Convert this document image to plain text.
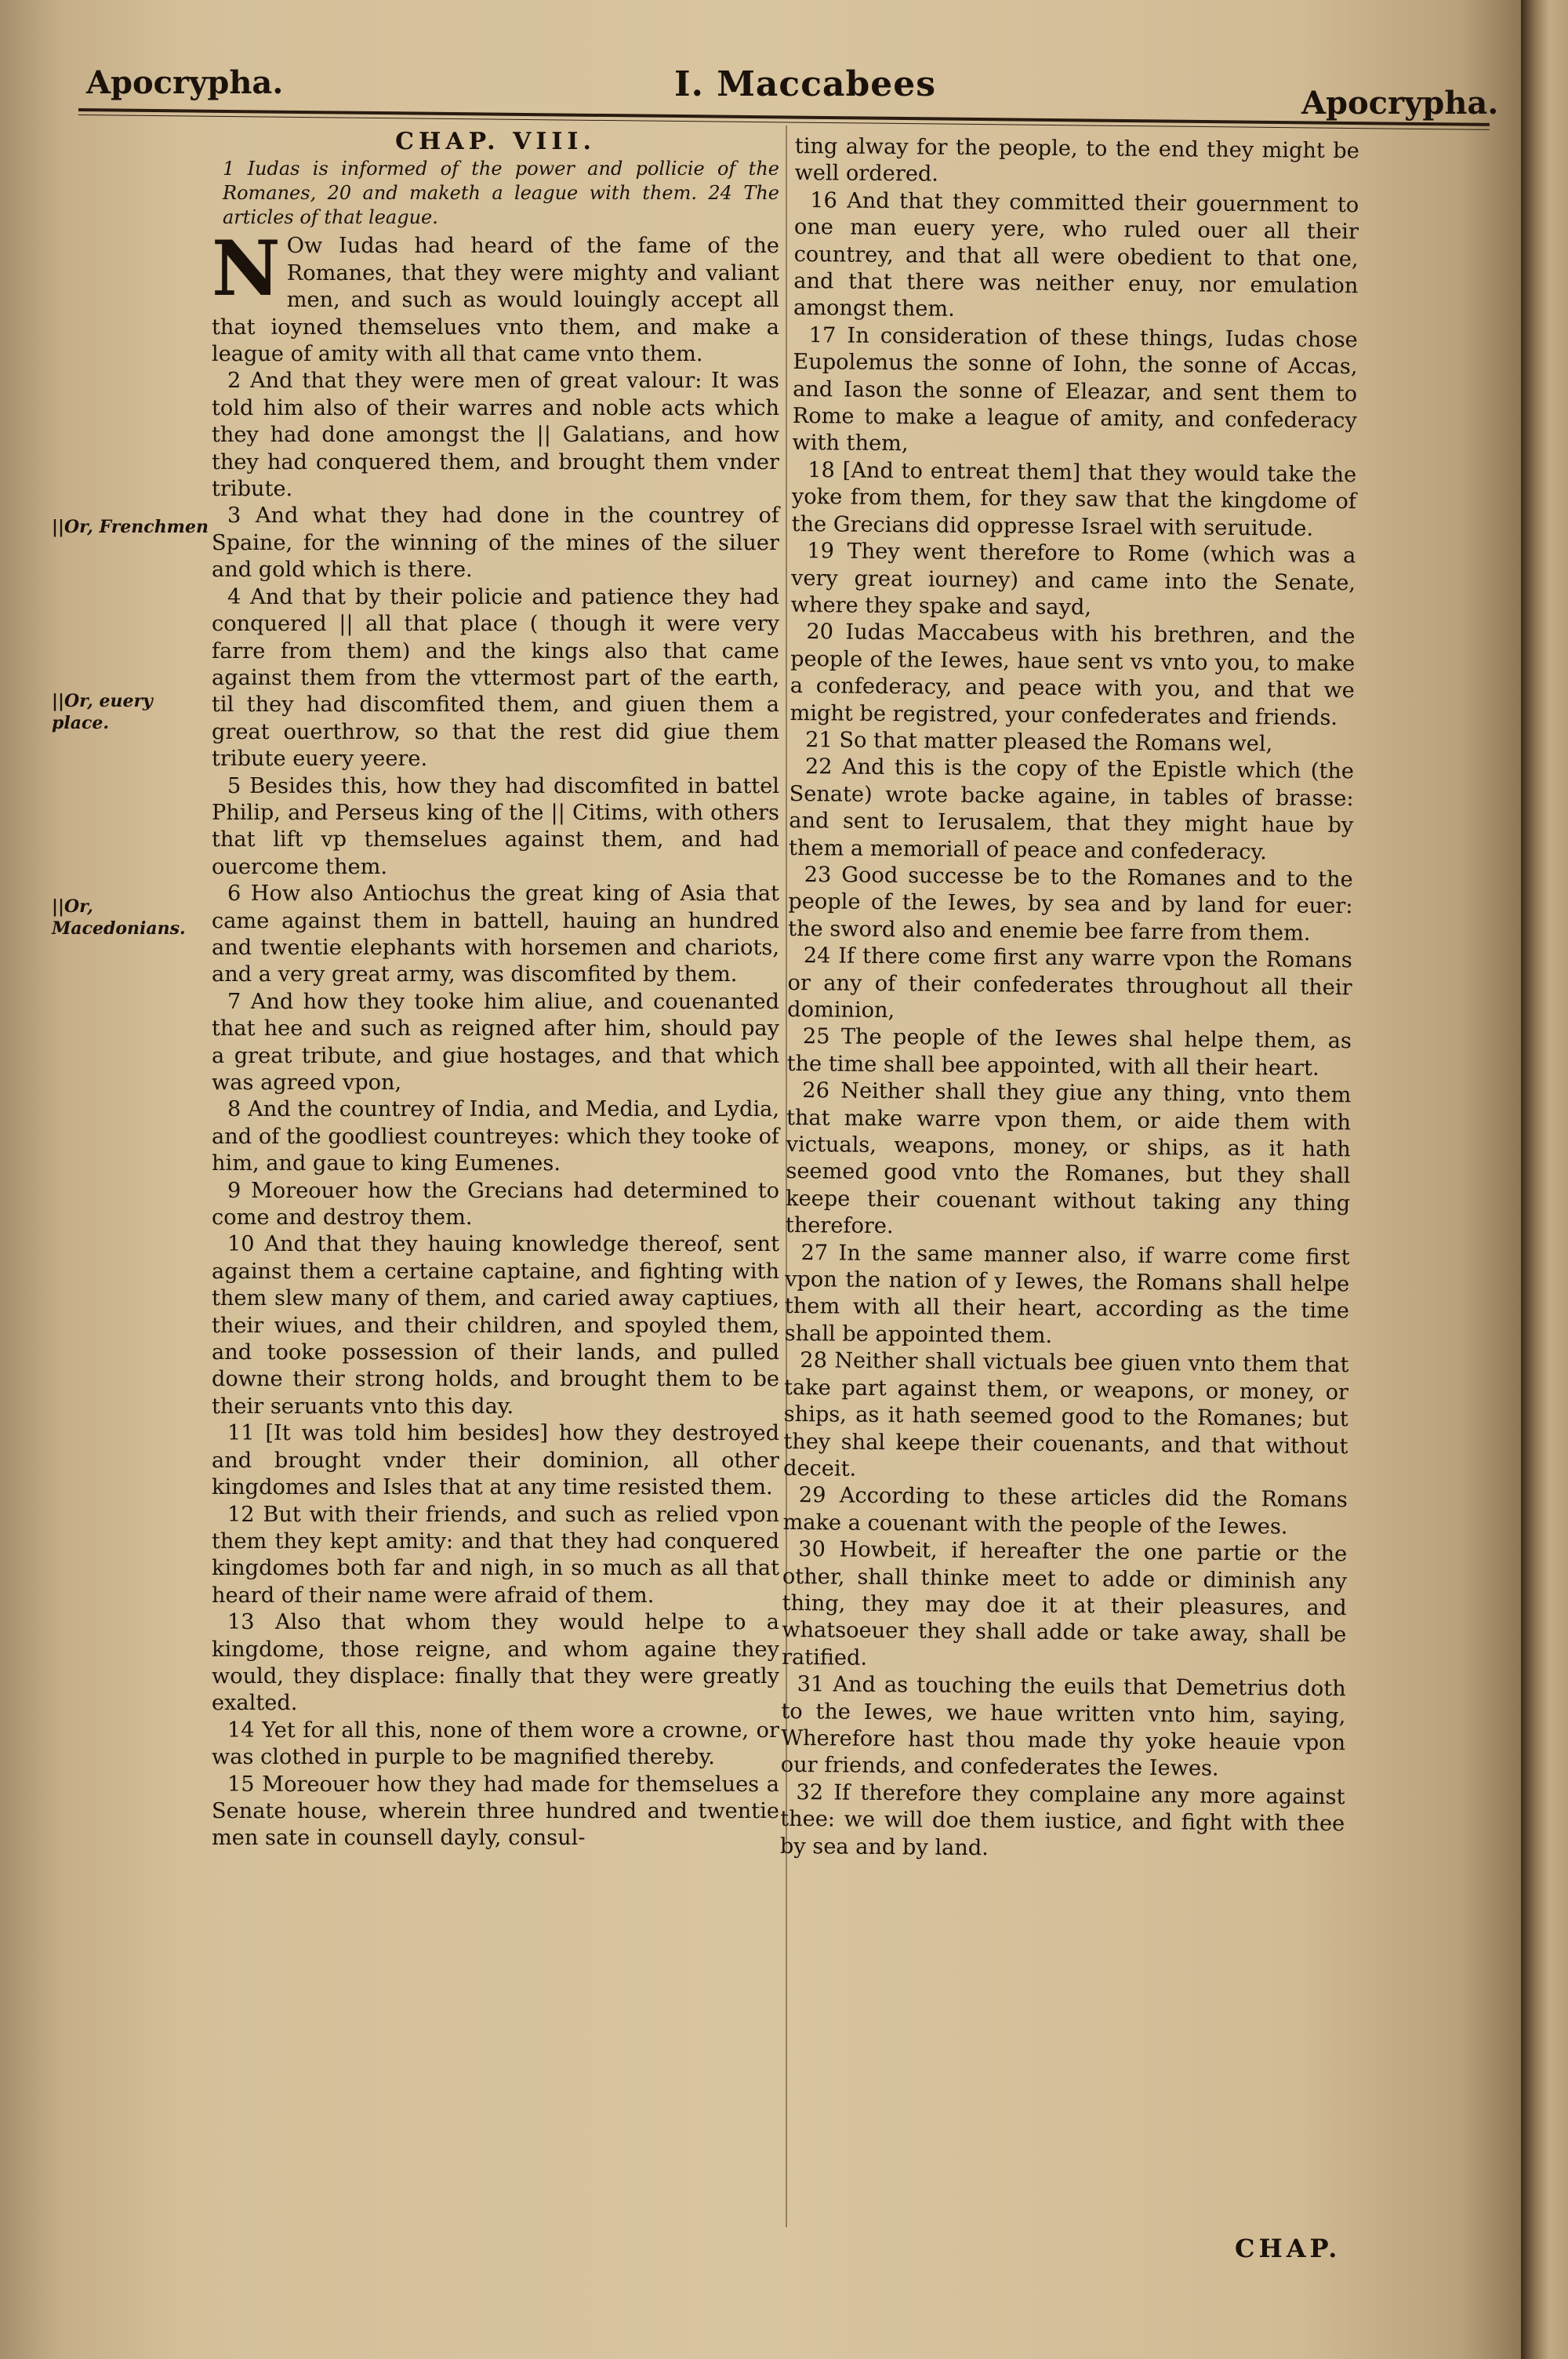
Apocrypha.	I. Maccabees	Apocrypha.
||Or, Frenchmen
||Or, euery place.
||Or, Macedonians.
CHAP. VIII.

1 Iudas is informed of the power and pollicie of the Romanes, 20 and maketh a league with them. 24 The articles of that league.

N Ow Iudas had heard of the fame of the Romanes, that they were mighty and valiant men, and such as would louingly accept all that ioyned themselues vnto them, and make a league of amity with all that came vnto them.

2 And that they were men of great valour: It was told him also of their warres and noble acts which they had done amongst the || Galatians, and how they had conquered them, and brought them vnder tribute.

3 And what they had done in the countrey of Spaine, for the winning of the mines of the siluer and gold which is there.

4 And that by their policie and patience they had conquered || all that place ( though it were very farre from them) and the kings also that came against them from the vttermost part of the earth, til they had discomfited them, and giuen them a great ouerthrow, so that the rest did giue them tribute euery yeere.

5 Besides this, how they had discomfited in battel Philip, and Perseus king of the || Citims, with others that lift vp themselues against them, and had ouercome them.

6 How also Antiochus the great king of Asia that came against them in battell, hauing an hundred and twentie elephants with horsemen and chariots, and a very great army, was discomfited by them.

7 And how they tooke him aliue, and couenanted that hee and such as reigned after him, should pay a great tribute, and giue hostages, and that which was agreed vpon,

8 And the countrey of India, and Media, and Lydia, and of the goodliest countreyes: which they tooke of him, and gaue to king Eumenes.

9 Moreouer how the Grecians had determined to come and destroy them.

10 And that they hauing knowledge thereof, sent against them a certaine captaine, and fighting with them slew many of them, and caried away captiues, their wiues, and their children, and spoyled them, and tooke possession of their lands, and pulled downe their strong holds, and brought them to be their seruants vnto this day.

11 [It was told him besides] how they destroyed and brought vnder their dominion, all other kingdomes and Isles that at any time resisted them.

12 But with their friends, and such as relied vpon them they kept amity: and that they had conquered kingdomes both far and nigh, in so much as all that heard of their name were afraid of them.

13 Also that whom they would helpe to a kingdome, those reigne, and whom againe they would, they displace: finally that they were greatly exalted.

14 Yet for all this, none of them wore a crowne, or was clothed in purple to be magnified thereby.

15 Moreouer how they had made for themselues a Senate house, wherein three hundred and twentie men sate in counsell dayly, consul-

ting alway for the people, to the end they might be well ordered.

16 And that they committed their gouernment to one man euery yere, who ruled ouer all their countrey, and that all were obedient to that one, and that there was neither enuy, nor emulation amongst them.

17 In consideration of these things, Iudas chose Eupolemus the sonne of Iohn, the sonne of Accas, and Iason the sonne of Eleazar, and sent them to Rome to make a league of amity, and confederacy with them,

18 [And to entreat them] that they would take the yoke from them, for they saw that the kingdome of the Grecians did oppresse Israel with seruitude.

19 They went therefore to Rome (which was a very great iourney) and came into the Senate, where they spake and sayd,

20 Iudas Maccabeus with his brethren, and the people of the Iewes, haue sent vs vnto you, to make a confederacy, and peace with you, and that we might be registred, your confederates and friends.

21 So that matter pleased the Romans wel,

22 And this is the copy of the Epistle which (the Senate) wrote backe againe, in tables of brasse: and sent to Ierusalem, that they might haue by them a memoriall of peace and confederacy.

23 Good successe be to the Romanes and to the people of the Iewes, by sea and by land for euer: the sword also and enemie bee farre from them.

24 If there come first any warre vpon the Romans or any of their confederates throughout all their dominion,

25 The people of the Iewes shal helpe them, as the time shall bee appointed, with all their heart.

26 Neither shall they giue any thing, vnto them that make warre vpon them, or aide them with victuals, weapons, money, or ships, as it hath seemed good vnto the Romanes, but they shall keepe their couenant without taking any thing therefore.

27 In the same manner also, if warre come first vpon the nation of y Iewes, the Romans shall helpe them with all their heart, according as the time shall be appointed them.

28 Neither shall victuals bee giuen vnto them that take part against them, or weapons, or money, or ships, as it hath seemed good to the Romanes; but they shal keepe their couenants, and that without deceit.

29 According to these articles did the Romans make a couenant with the people of the Iewes.

30 Howbeit, if hereafter the one partie or the other, shall thinke meet to adde or diminish any thing, they may doe it at their pleasures, and whatsoeuer they shall adde or take away, shall be ratified.

31 And as touching the euils that Demetrius doth to the Iewes, we haue written vnto him, saying, Wherefore hast thou made thy yoke heauie vpon our friends, and confederates the Iewes.

32 If therefore they complaine any more against thee: we will doe them iustice, and fight with thee by sea and by land.

CHAP.
